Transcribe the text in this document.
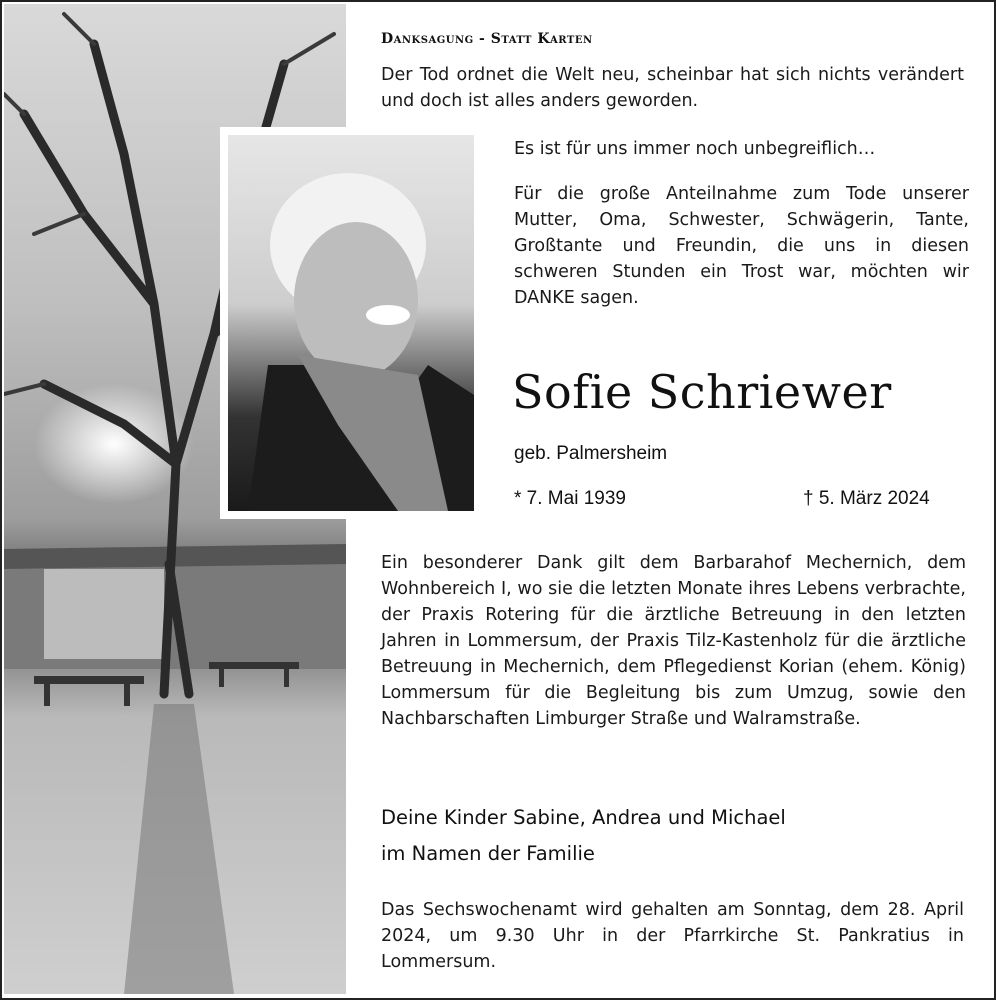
Danksagung - Statt Karten
Der Tod ordnet die Welt neu, scheinbar hat sich nichts verändert und doch ist alles anders geworden.
Es ist für uns immer noch unbegreiflich…
Für die große Anteilnahme zum Tode unserer Mutter, Oma, Schwester, Schwägerin, Tante, Großtante und Freundin, die uns in diesen schweren Stunden ein Trost war, möchten wir DANKE sagen.
Sofie Schriewer
geb. Palmersheim
* 7. Mai 1939	† 5. März 2024
Ein besonderer Dank gilt dem Barbarahof Mechernich, dem Wohnbereich I, wo sie die letzten Monate ihres Lebens verbrachte, der Praxis Rotering für die ärztliche Betreuung in den letzten Jahren in Lommersum, der Praxis Tilz-Kastenholz für die ärztliche Betreuung in Mechernich, dem Pflegedienst Korian (ehem. König) Lommersum für die Begleitung bis zum Umzug, sowie den Nachbarschaften Limburger Straße und Walramstraße.
Deine Kinder Sabine, Andrea und Michael
im Namen der Familie
Das Sechswochenamt wird gehalten am Sonntag, dem 28. April 2024, um 9.30 Uhr in der Pfarrkirche St. Pankratius in Lommersum.
